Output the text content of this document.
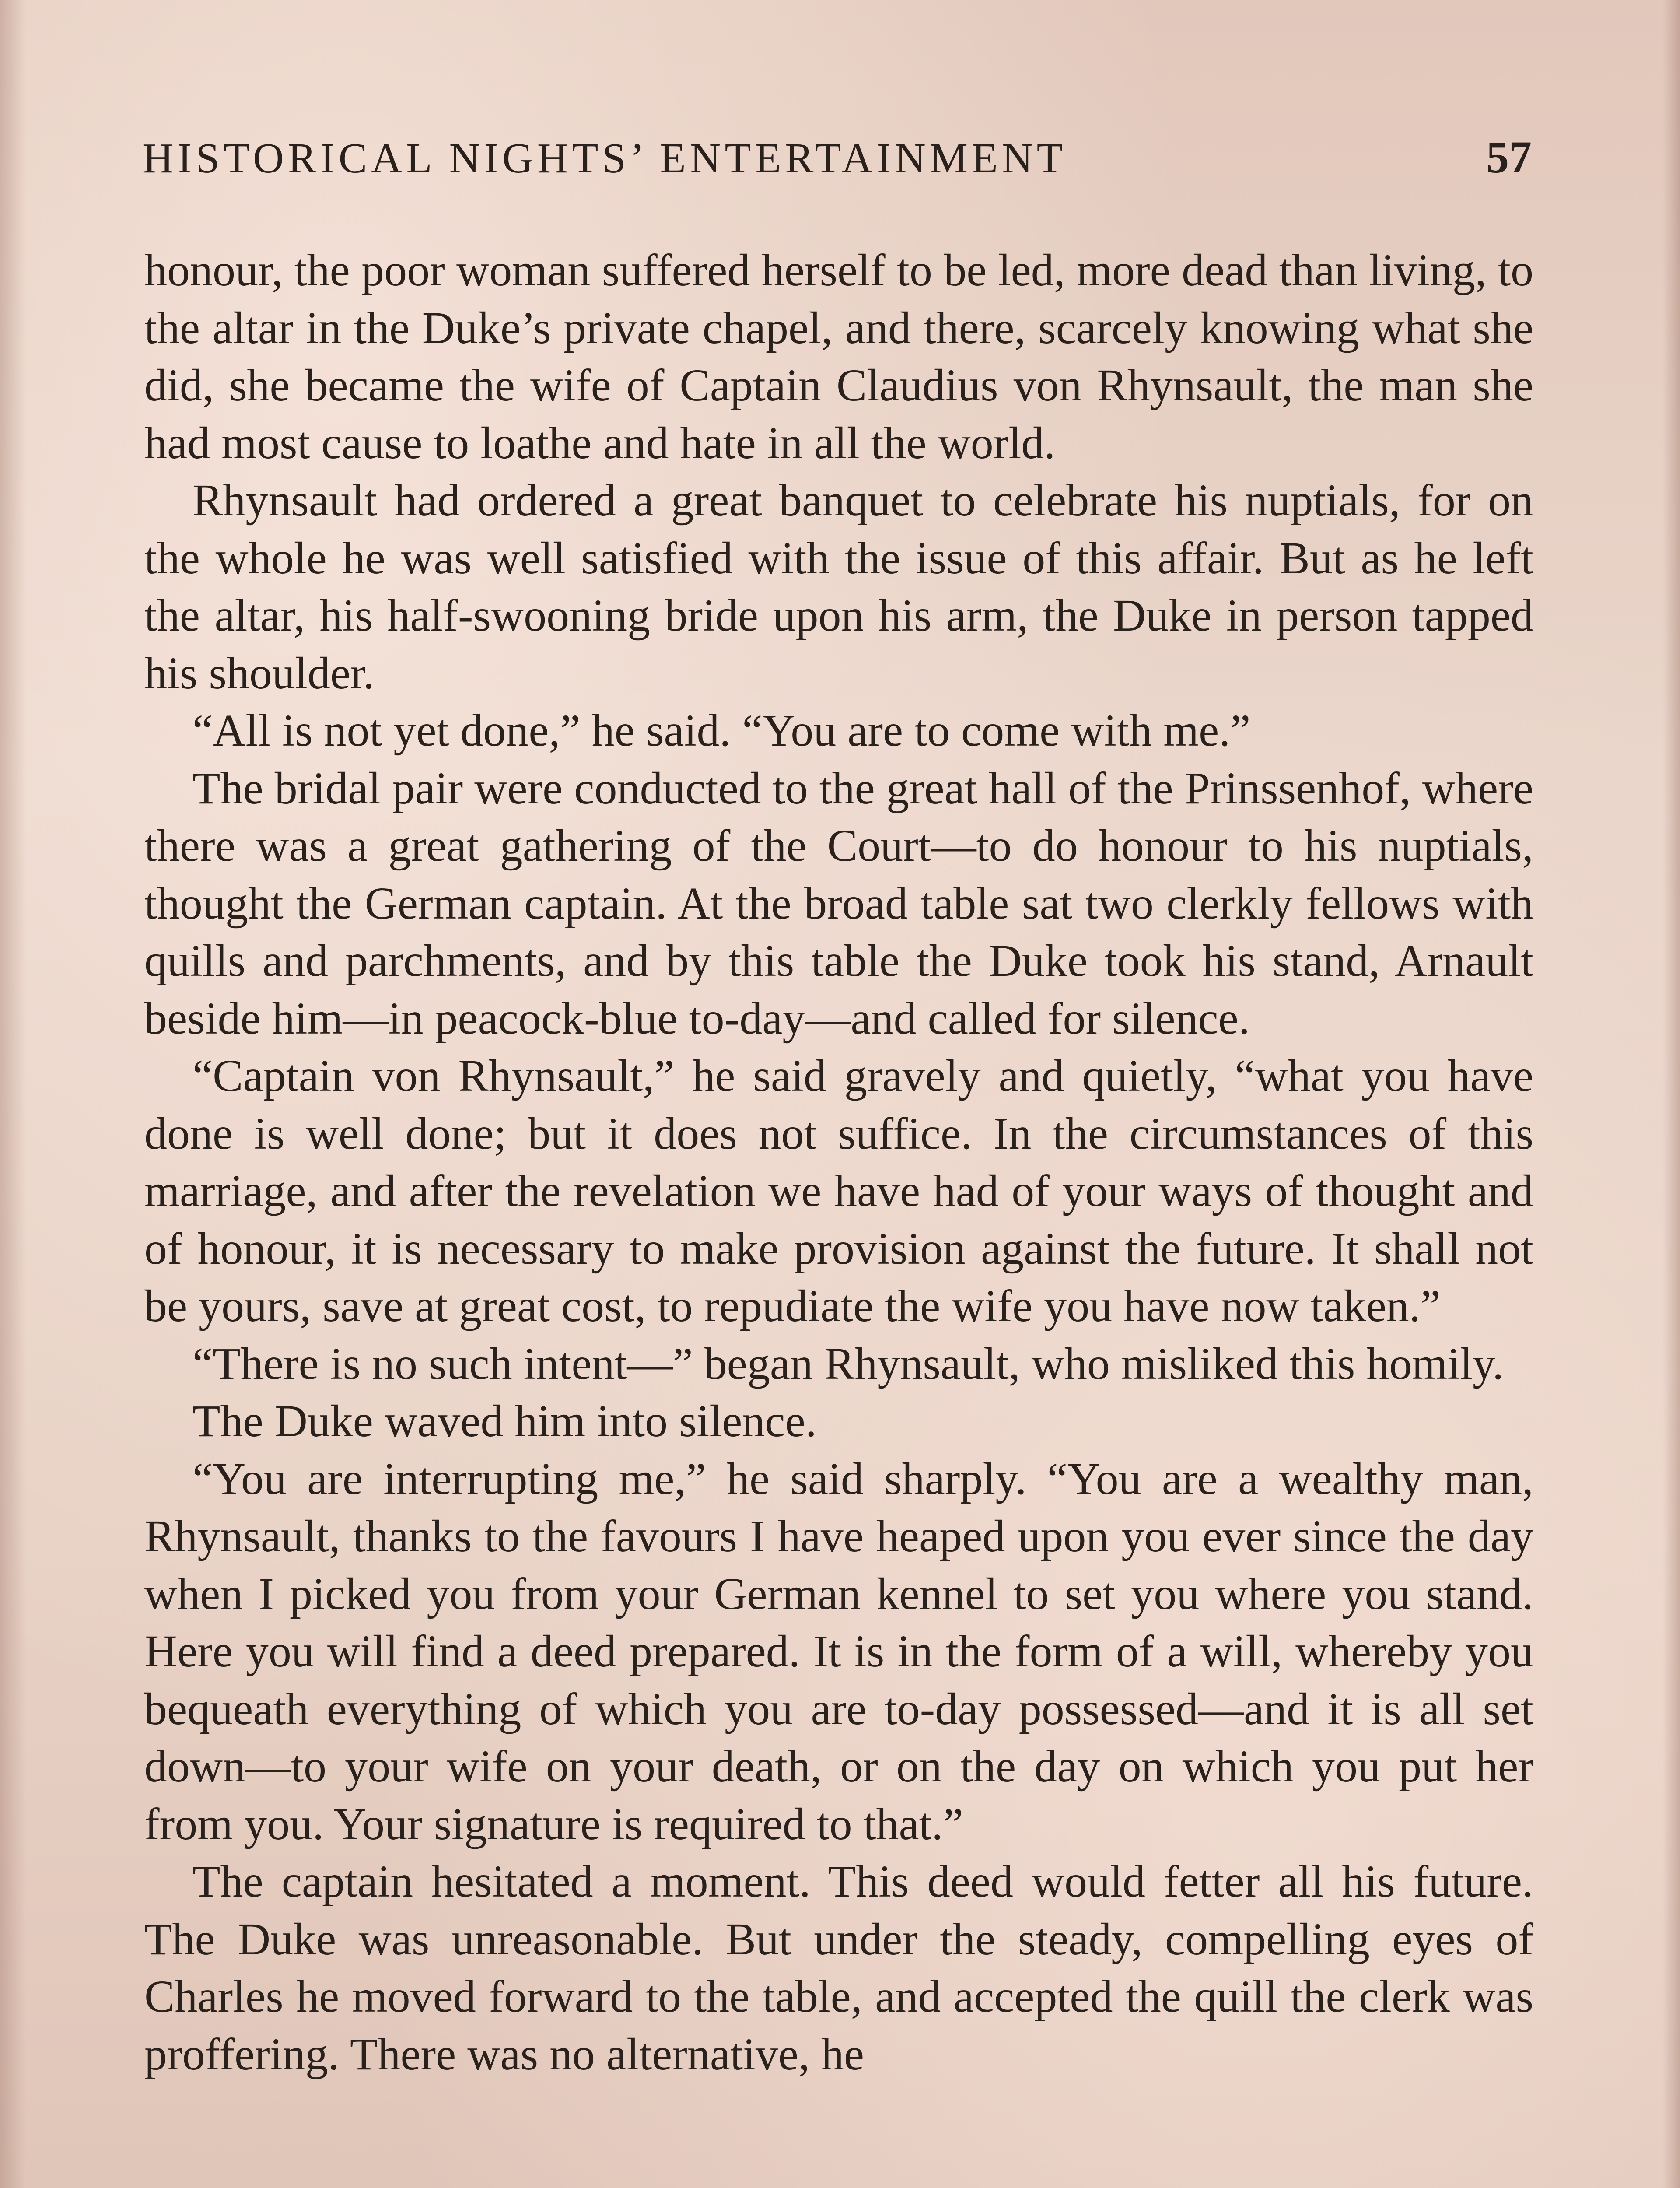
HISTORICAL NIGHTS’ ENTERTAINMENT	57

honour, the poor woman suffered herself to be led, more dead than living, to the altar in the Duke’s private chapel, and there, scarcely knowing what she did, she became the wife of Captain Claudius von Rhynsault, the man she had most cause to loathe and hate in all the world.

Rhynsault had ordered a great banquet to celebrate his nuptials, for on the whole he was well satisfied with the issue of this affair. But as he left the altar, his half-swooning bride upon his arm, the Duke in person tapped his shoulder.

“All is not yet done,” he said. “You are to come with me.”

The bridal pair were conducted to the great hall of the Prinssenhof, where there was a great gathering of the Court—to do honour to his nuptials, thought the German captain. At the broad table sat two clerkly fellows with quills and parchments, and by this table the Duke took his stand, Arnault beside him—in peacock-blue to-day—and called for silence.

“Captain von Rhynsault,” he said gravely and quietly, “what you have done is well done; but it does not suffice. In the circumstances of this marriage, and after the revelation we have had of your ways of thought and of honour, it is necessary to make provision against the future. It shall not be yours, save at great cost, to repudiate the wife you have now taken.”

“There is no such intent—” began Rhynsault, who misliked this homily.

The Duke waved him into silence.

“You are interrupting me,” he said sharply. “You are a wealthy man, Rhynsault, thanks to the favours I have heaped upon you ever since the day when I picked you from your German kennel to set you where you stand. Here you will find a deed prepared. It is in the form of a will, whereby you bequeath everything of which you are to-day possessed—and it is all set down—to your wife on your death, or on the day on which you put her from you. Your signature is required to that.”

The captain hesitated a moment. This deed would fetter all his future. The Duke was unreasonable. But under the steady, compelling eyes of Charles he moved forward to the table, and accepted the quill the clerk was proffering. There was no alternative, he
